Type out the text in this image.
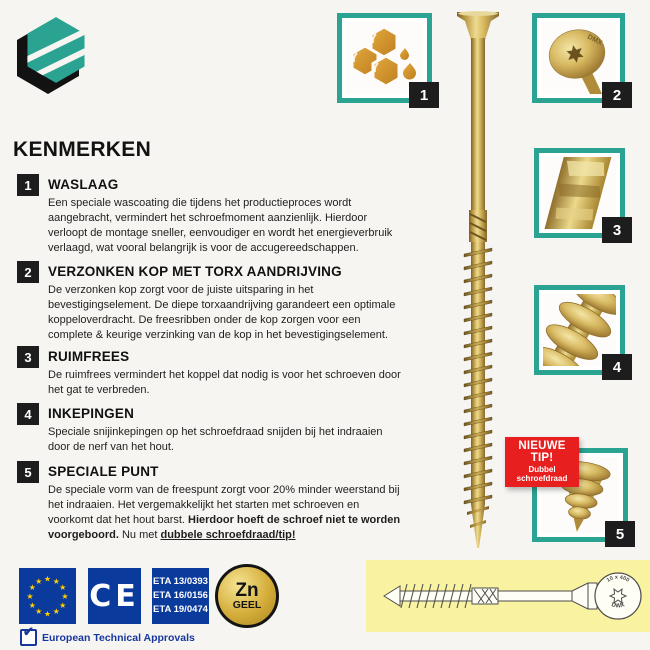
KENMERKEN
1	WASLAAG
Een speciale wascoating die tijdens het productieproces wordt aangebracht, vermindert het schroefmoment aanzienlijk. Hierdoor verloopt de montage sneller, eenvoudiger en wordt het energieverbruik verlaagd, wat vooral belangrijk is voor de accugereedschappen.
2	VERZONKEN KOP MET TORX AANDRIJVING
De verzonken kop zorgt voor de juiste uitsparing in het bevestigingselement. De diepe torxaandrijving garandeert een optimale koppeloverdracht. De freesribben onder de kop zorgen voor een complete & keurige verzinking van de kop in het bevestigingselement.
3	RUIMFREES
De ruimfrees vermindert het koppel dat nodig is voor het schroeven door het gat te verbreden.
4	INKEPINGEN
Speciale snijinkepingen op het schroefdraad snijden bij het indraaien door de nerf van het hout.
5	SPECIALE PUNT
De speciale vorm van de freespunt zorgt voor 20% minder weerstand bij het indraaien. Het vergemakkelijkt het starten met schroeven en voorkomt dat het hout barst. Hierdoor hoeft de schroef niet te worden voorgeboord. Nu met dubbele schroefdraad/tip!
1
DMX
2
3
4
NIEUWE TIP!
Dubbel schroefdraad
5
★
★
★
★
★
★
★
★
★ ★ ★
★ CE ETA 13/0393
ETA 16/0156
ETA 19/0474
Zn
GEEL
✔ European Technical Approvals
10 x 400
DWX
